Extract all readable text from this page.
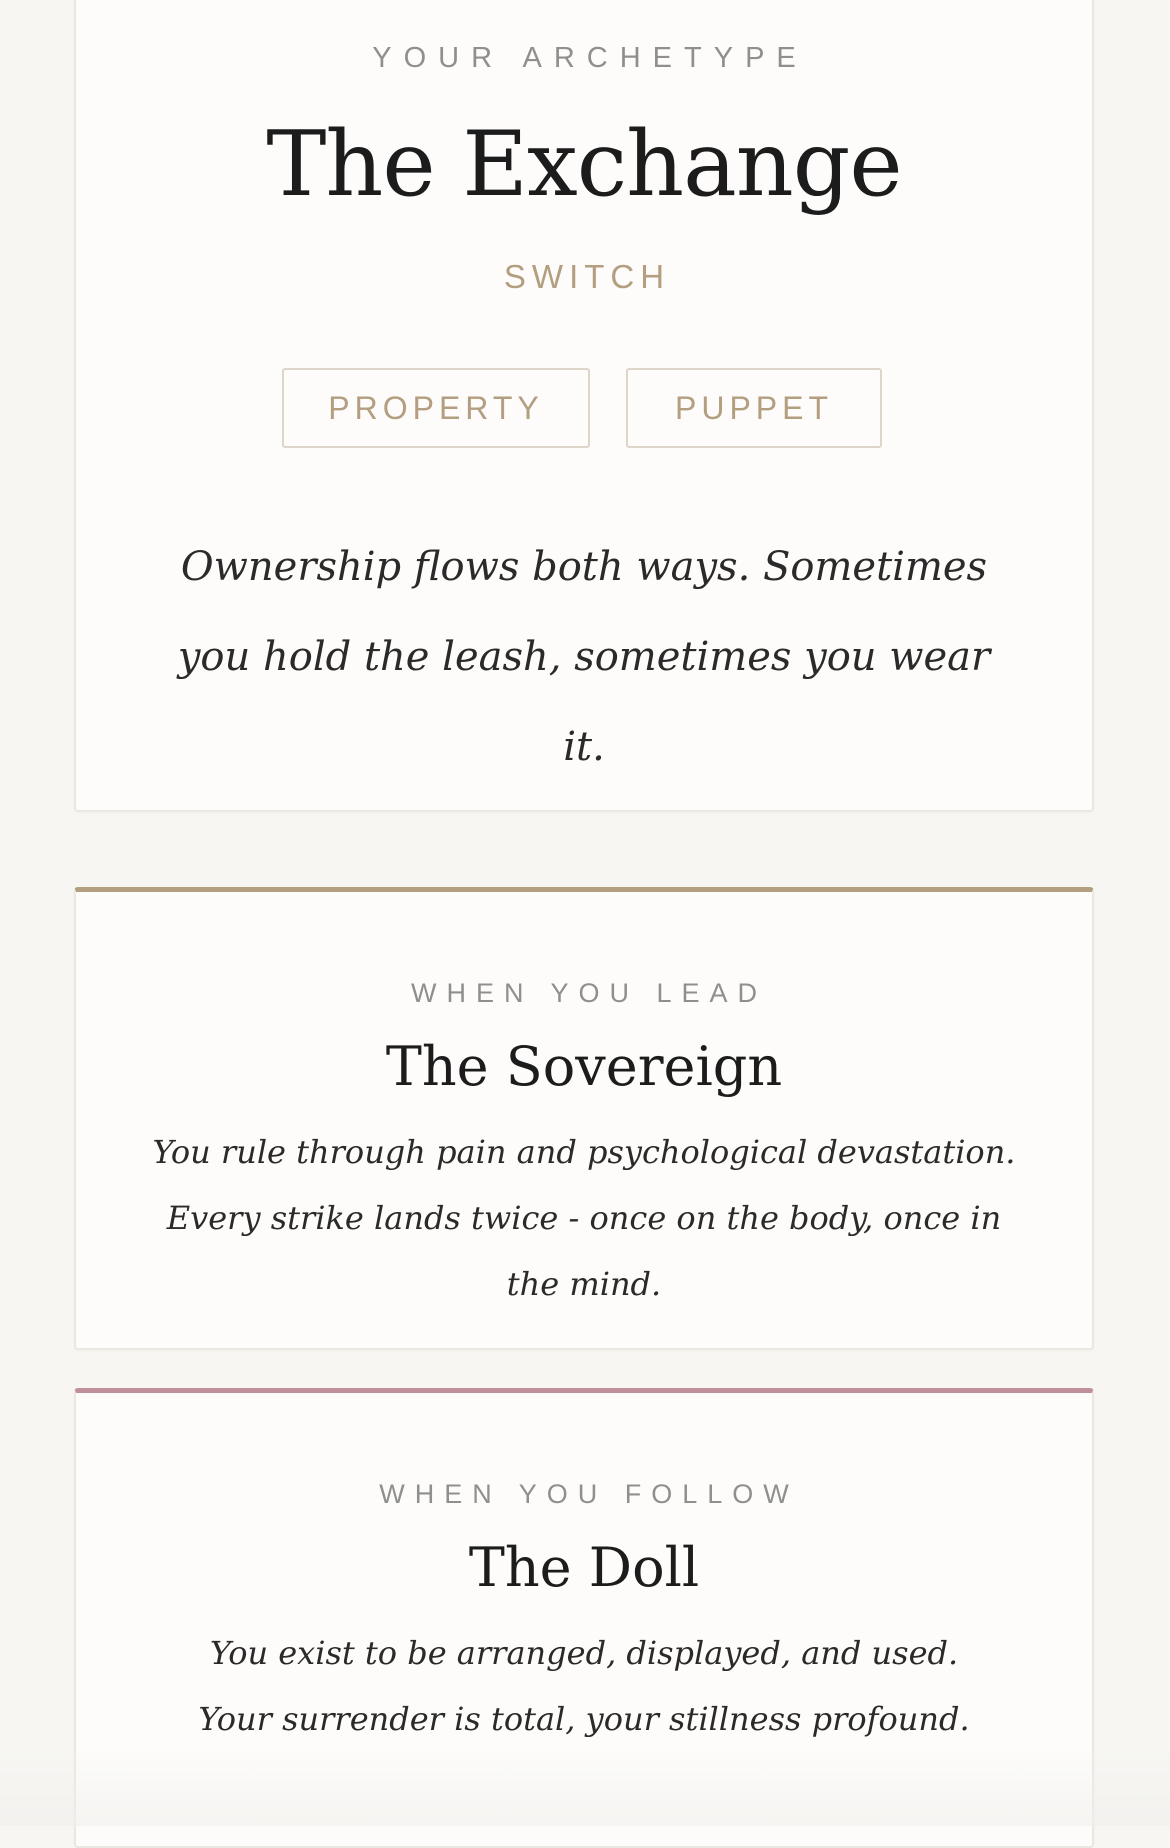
YOUR ARCHETYPE
The Exchange
SWITCH
PROPERTY	PUPPET
Ownership flows both ways. Sometimes you hold the leash, sometimes you wear it.
WHEN YOU LEAD
The Sovereign
You rule through pain and psychological devastation. Every strike lands twice - once on the body, once in the mind.
WHEN YOU FOLLOW
The Doll
You exist to be arranged, displayed, and used. Your surrender is total, your stillness profound.
